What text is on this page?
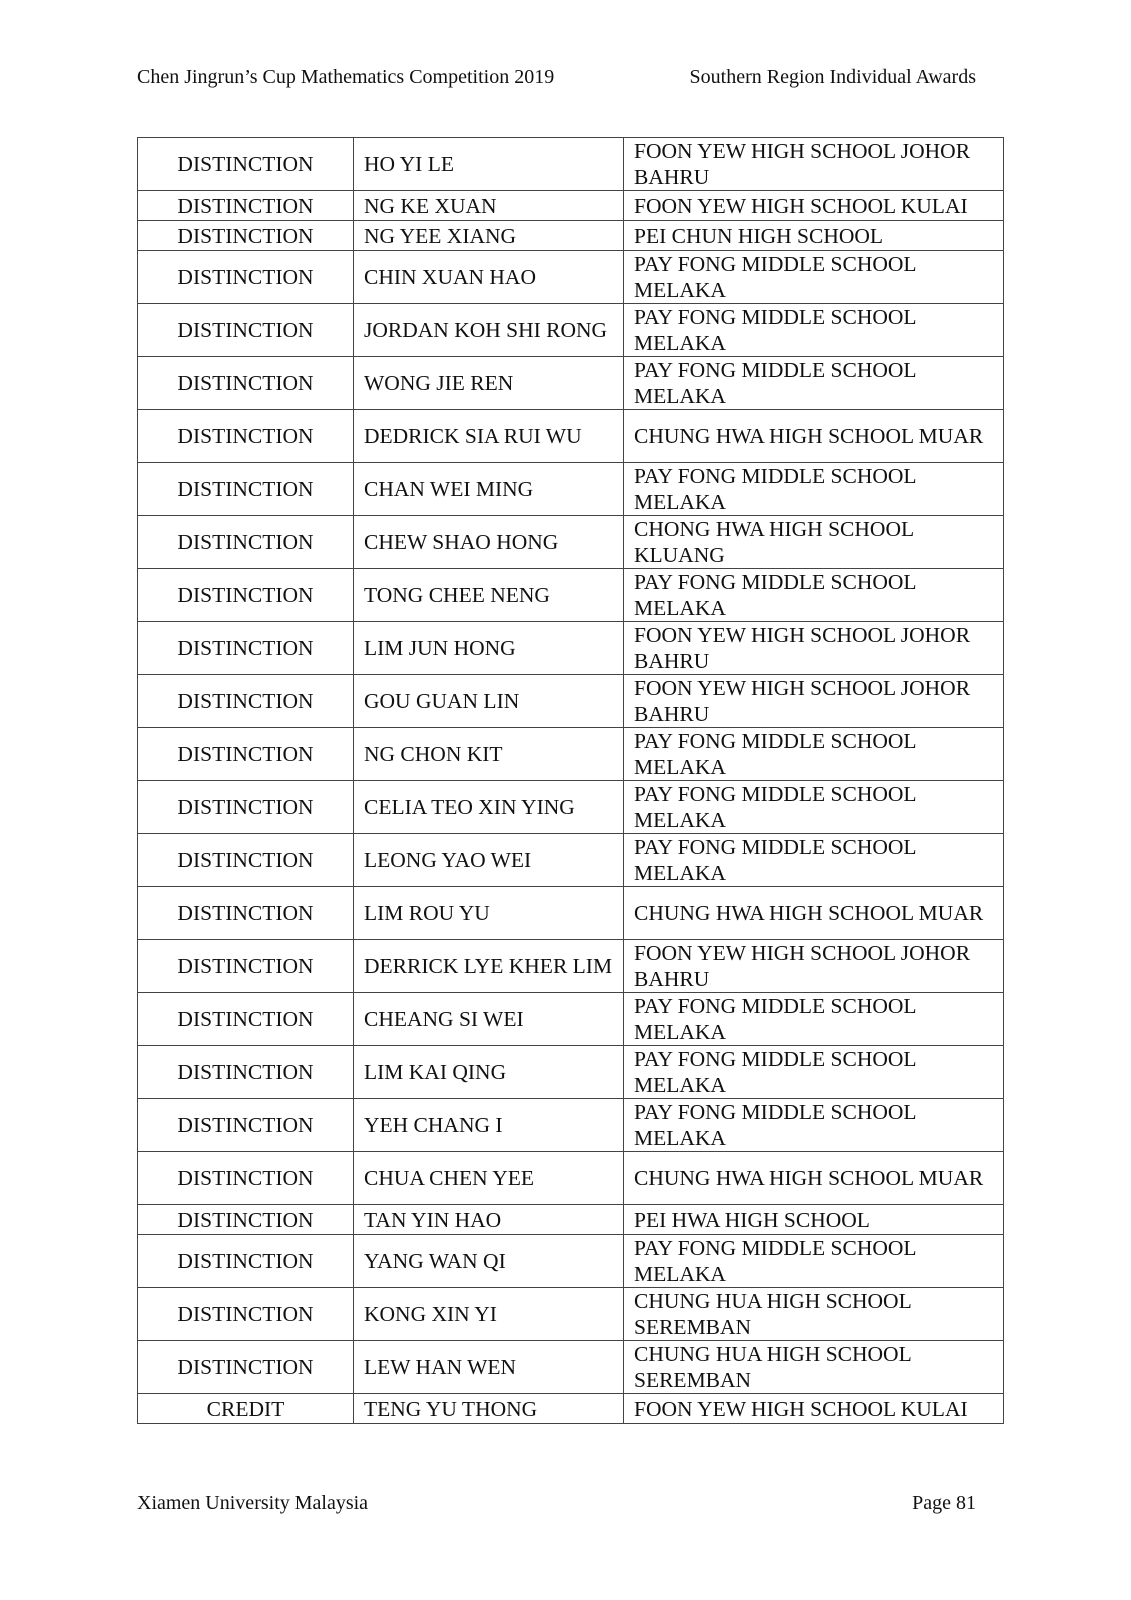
Chen Jingrun’s Cup Mathematics Competition 2019	Southern Region Individual Awards
DISTINCTION	HO YI LE	FOON YEW HIGH SCHOOL JOHOR BAHRU
DISTINCTION	NG KE XUAN	FOON YEW HIGH SCHOOL KULAI
DISTINCTION	NG YEE XIANG	PEI CHUN HIGH SCHOOL
DISTINCTION	CHIN XUAN HAO	PAY FONG MIDDLE SCHOOL MELAKA
DISTINCTION	JORDAN KOH SHI RONG	PAY FONG MIDDLE SCHOOL MELAKA
DISTINCTION	WONG JIE REN	PAY FONG MIDDLE SCHOOL MELAKA
DISTINCTION	DEDRICK SIA RUI WU	CHUNG HWA HIGH SCHOOL MUAR
DISTINCTION	CHAN WEI MING	PAY FONG MIDDLE SCHOOL MELAKA
DISTINCTION	CHEW SHAO HONG	CHONG HWA HIGH SCHOOL KLUANG
DISTINCTION	TONG CHEE NENG	PAY FONG MIDDLE SCHOOL MELAKA
DISTINCTION	LIM JUN HONG	FOON YEW HIGH SCHOOL JOHOR BAHRU
DISTINCTION	GOU GUAN LIN	FOON YEW HIGH SCHOOL JOHOR BAHRU
DISTINCTION	NG CHON KIT	PAY FONG MIDDLE SCHOOL MELAKA
DISTINCTION	CELIA TEO XIN YING	PAY FONG MIDDLE SCHOOL MELAKA
DISTINCTION	LEONG YAO WEI	PAY FONG MIDDLE SCHOOL MELAKA
DISTINCTION	LIM ROU YU	CHUNG HWA HIGH SCHOOL MUAR
DISTINCTION	DERRICK LYE KHER LIM	FOON YEW HIGH SCHOOL JOHOR BAHRU
DISTINCTION	CHEANG SI WEI	PAY FONG MIDDLE SCHOOL MELAKA
DISTINCTION	LIM KAI QING	PAY FONG MIDDLE SCHOOL MELAKA
DISTINCTION	YEH CHANG I	PAY FONG MIDDLE SCHOOL MELAKA
DISTINCTION	CHUA CHEN YEE	CHUNG HWA HIGH SCHOOL MUAR
DISTINCTION	TAN YIN HAO	PEI HWA HIGH SCHOOL
DISTINCTION	YANG WAN QI	PAY FONG MIDDLE SCHOOL MELAKA
DISTINCTION	KONG XIN YI	CHUNG HUA HIGH SCHOOL SEREMBAN
DISTINCTION	LEW HAN WEN	CHUNG HUA HIGH SCHOOL SEREMBAN
CREDIT	TENG YU THONG	FOON YEW HIGH SCHOOL KULAI
Xiamen University Malaysia	Page 81
